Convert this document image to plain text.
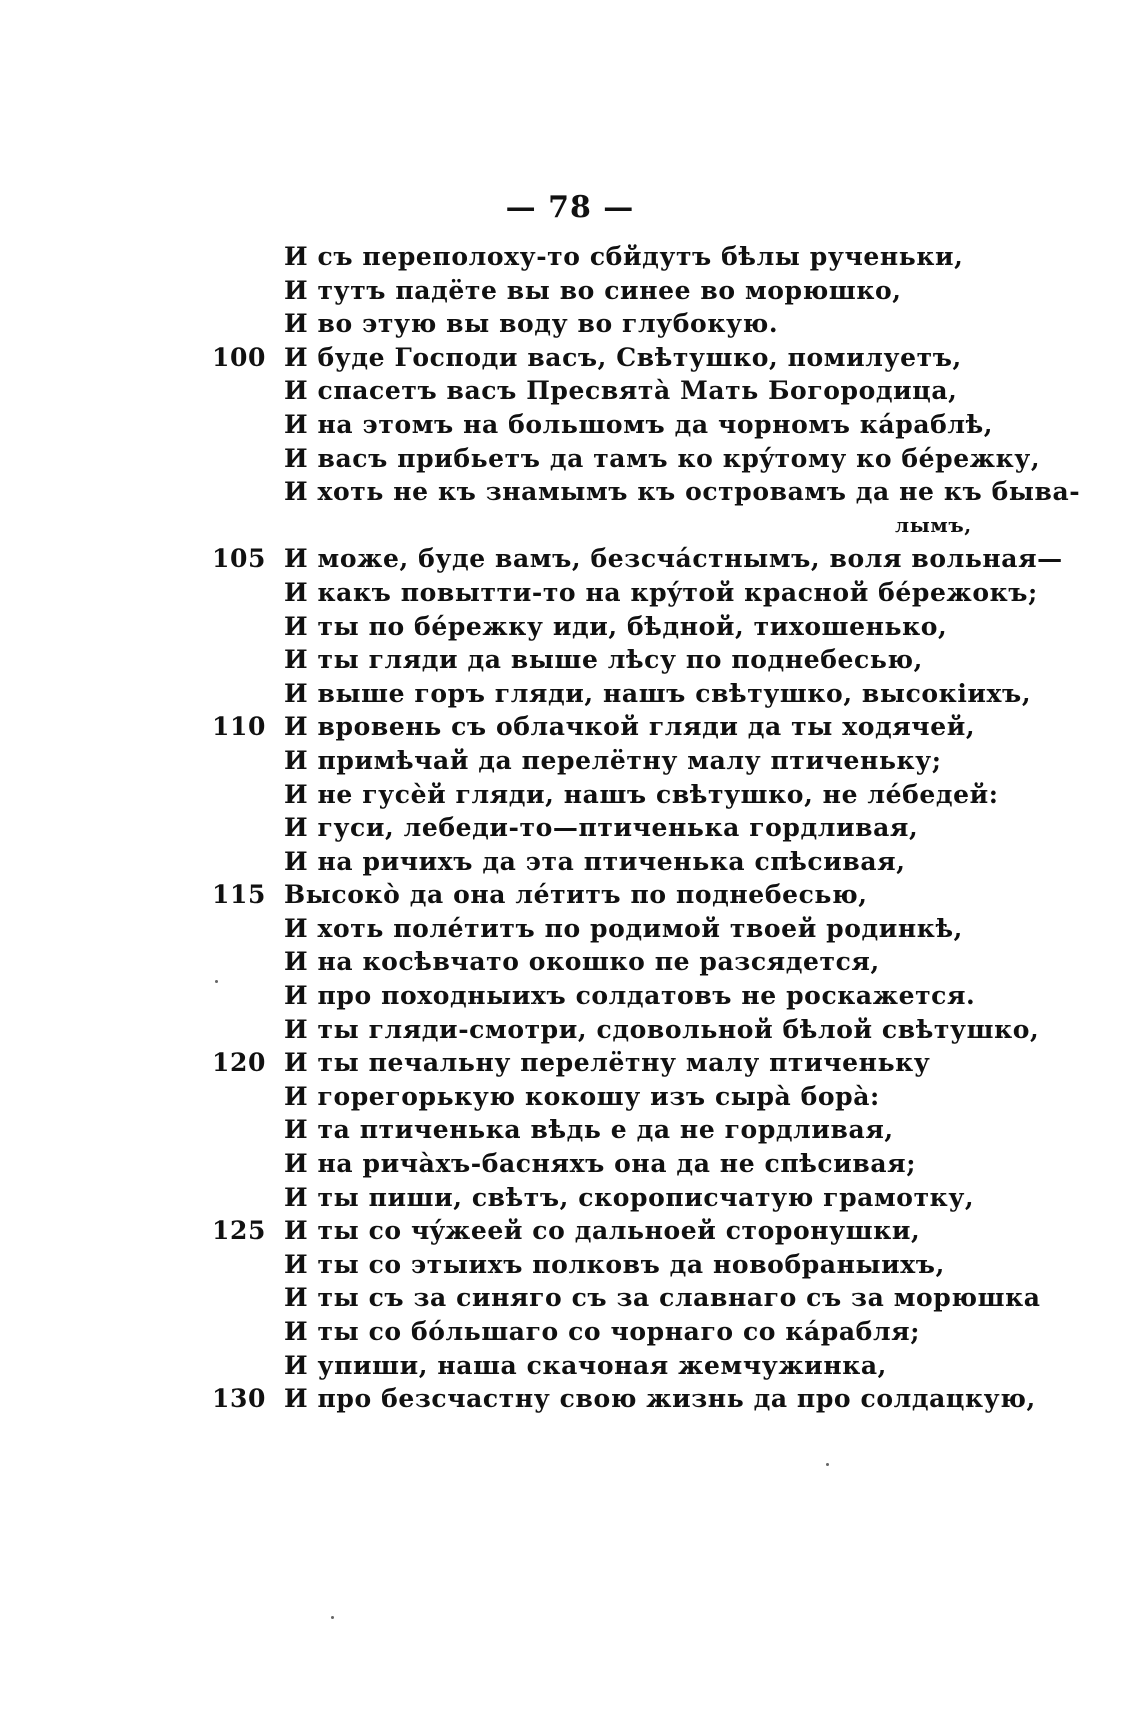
— 78 —
И съ переполоху-то сбйдутъ бѣлы рученьки,
И тутъ падёте вы во синее во морюшко,
И во этую вы воду во глубокую.
100 И буде Господи васъ, Свѣтушко, помилуетъ,
И спасетъ васъ Пресвятà Мать Богородица,
И на этомъ на большомъ да чорномъ кáраблѣ,
И васъ прибьетъ да тамъ ко крýтому ко бéрежку,
И хоть не къ знамымъ къ островамъ да не къ быва-
лымъ,
105 И може, буде вамъ, безсчáстнымъ, воля вольная—
И какъ повытти-то на крýтой красной бéрежокъ;
И ты по бéрежку иди, бѣдной, тихошенько,
И ты гляди да выше лѣсу по поднебесью,
И выше горъ гляди, нашъ свѣтушко, высокiихъ,
110 И вровень съ облачкой гляди да ты ходячей,
И примѣчай да перелётну малу птиченьку;
И не гусѐй гляди, нашъ свѣтушко, не лéбедей:
И гуси, лебеди-то—птиченька гордливая,
И на ричихъ да эта птиченька спѣсивая,
115 Высокò да она лéтитъ по поднебесью,
И хоть полéтитъ по родимой твоей родинкѣ,
И на косѣвчато окошко пе разсядется,
И про походныихъ солдатовъ не роскажется.
И ты гляди-смотри, сдовольной бѣлой свѣтушко,
120 И ты печальну перелётну малу птиченьку
И горегорькую кокошу изъ сырà борà:
И та птиченька вѣдь е да не гордливая,
И на ричàхъ-басняхъ она да не спѣсивая;
И ты пиши, свѣтъ, скорописчатую грамотку,
125 И ты со чýжеей со дальноей сторонушки,
И ты со этыихъ полковъ да новобраныихъ,
И ты съ за синяго съ за славнаго съ за морюшка
И ты со бóльшаго со чорнаго со кáрабля;
И упиши, наша скачоная жемчужинка,
130 И про безсчастну свою жизнь да про солдацкую,
